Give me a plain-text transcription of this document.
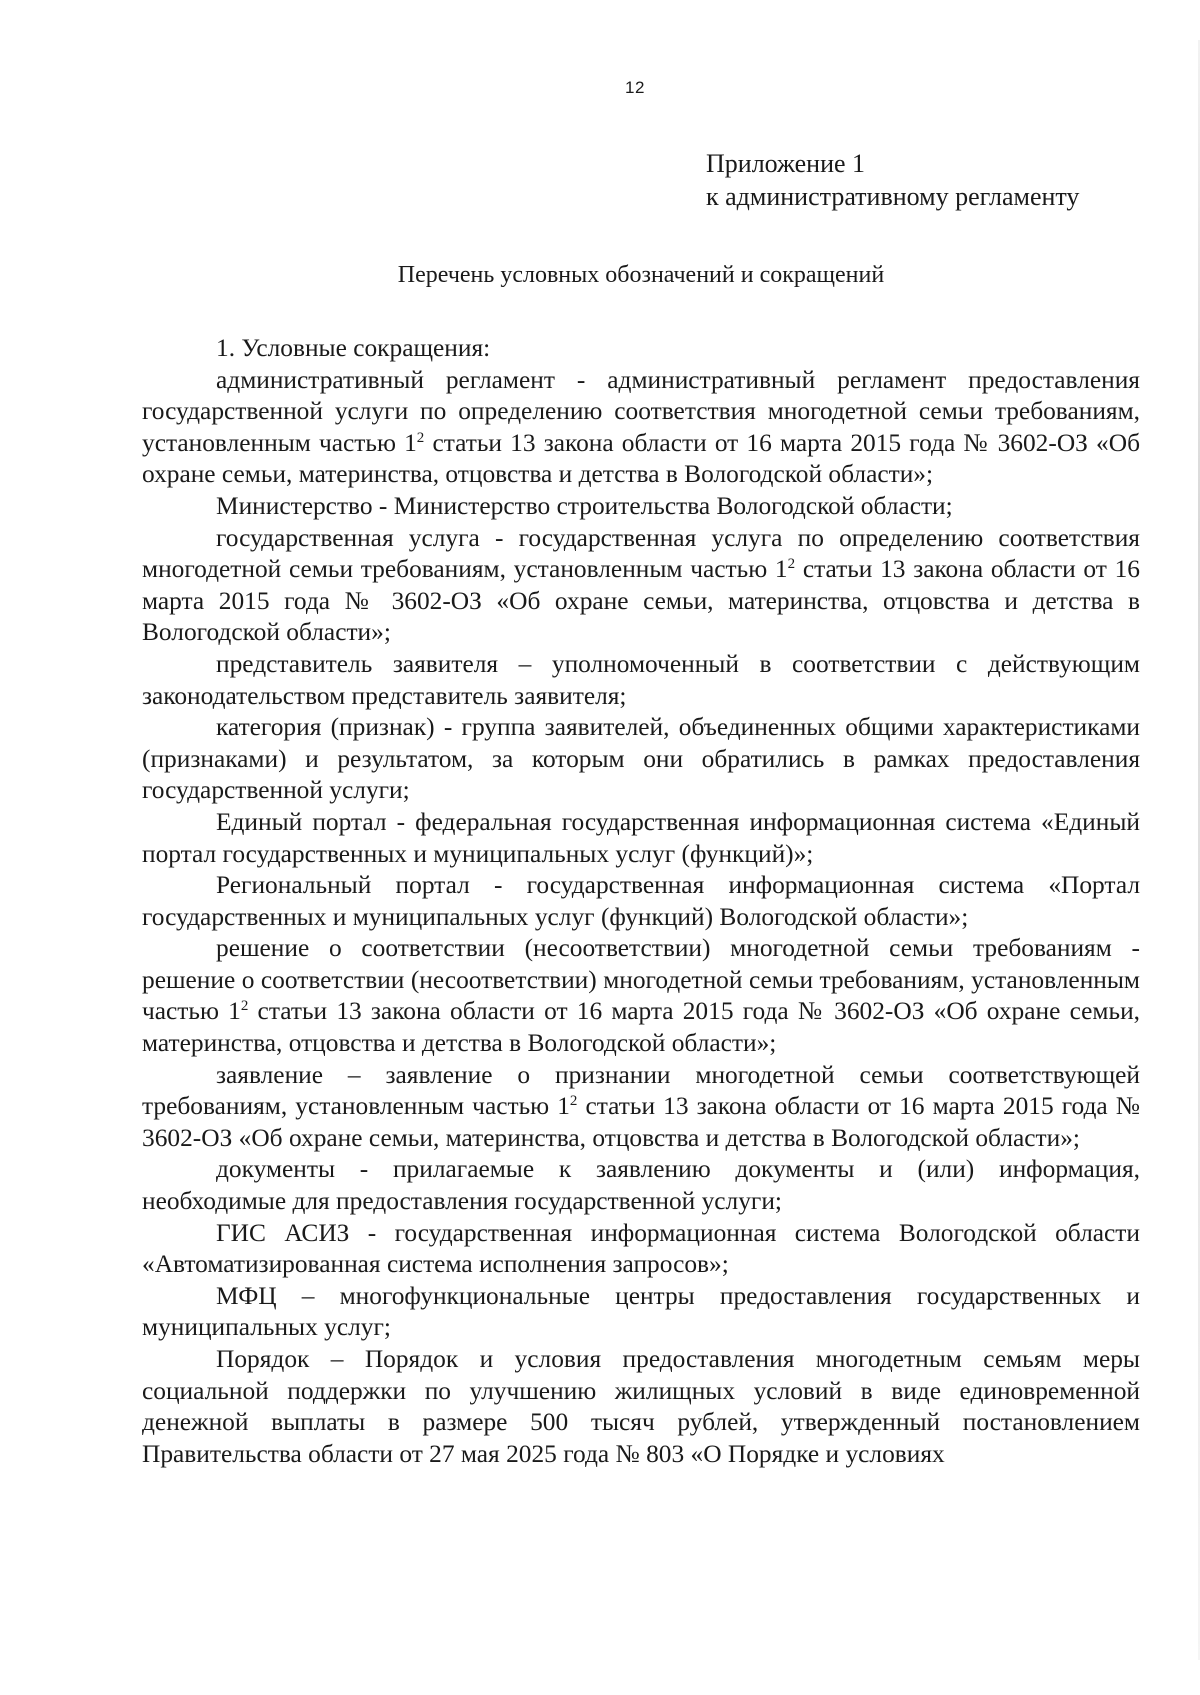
12
Приложение 1
к административному регламенту
Перечень условных обозначений и сокращений

1. Условные сокращения:

административный регламент - административный регламент предоставления государственной услуги по определению соответствия многодетной семьи требованиям, установленным частью $1^2$ статьи 13 закона области от 16 марта 2015 года № 3602-ОЗ «Об охране семьи, материнства, отцовства и детства в Вологодской области»;

Министерство - Министерство строительства Вологодской области;

государственная услуга - государственная услуга по определению соответствия многодетной семьи требованиям, установленным частью $1^2$ статьи 13 закона области от 16 марта 2015 года № 3602-ОЗ «Об охране семьи, материнства, отцовства и детства в Вологодской области»;

представитель заявителя – уполномоченный в соответствии с действующим законодательством представитель заявителя;

категория (признак) - группа заявителей, объединенных общими характеристиками (признаками) и результатом, за которым они обратились в рамках предоставления государственной услуги;

Единый портал - федеральная государственная информационная система «Единый портал государственных и муниципальных услуг (функций)»;

Региональный портал - государственная информационная система «Портал государственных и муниципальных услуг (функций) Вологодской области»;

решение о соответствии (несоответствии) многодетной семьи требованиям - решение о соответствии (несоответствии) многодетной семьи требованиям, установленным частью $1^2$ статьи 13 закона области от 16 марта 2015 года № 3602-ОЗ «Об охране семьи, материнства, отцовства и детства в Вологодской области»;

заявление – заявление о признании многодетной семьи соответствующей требованиям, установленным частью $1^2$ статьи 13 закона области от 16 марта 2015 года № 3602-ОЗ «Об охране семьи, материнства, отцовства и детства в Вологодской области»;

документы - прилагаемые к заявлению документы и (или) информация, необходимые для предоставления государственной услуги;

ГИС АСИЗ - государственная информационная система Вологодской области «Автоматизированная система исполнения запросов»;

МФЦ – многофункциональные центры предоставления государственных и муниципальных услуг;

Порядок – Порядок и условия предоставления многодетным семьям меры социальной поддержки по улучшению жилищных условий в виде единовременной денежной выплаты в размере 500 тысяч рублей, утвержденный постановлением Правительства области от 27 мая 2025 года № 803 «О Порядке и условиях
